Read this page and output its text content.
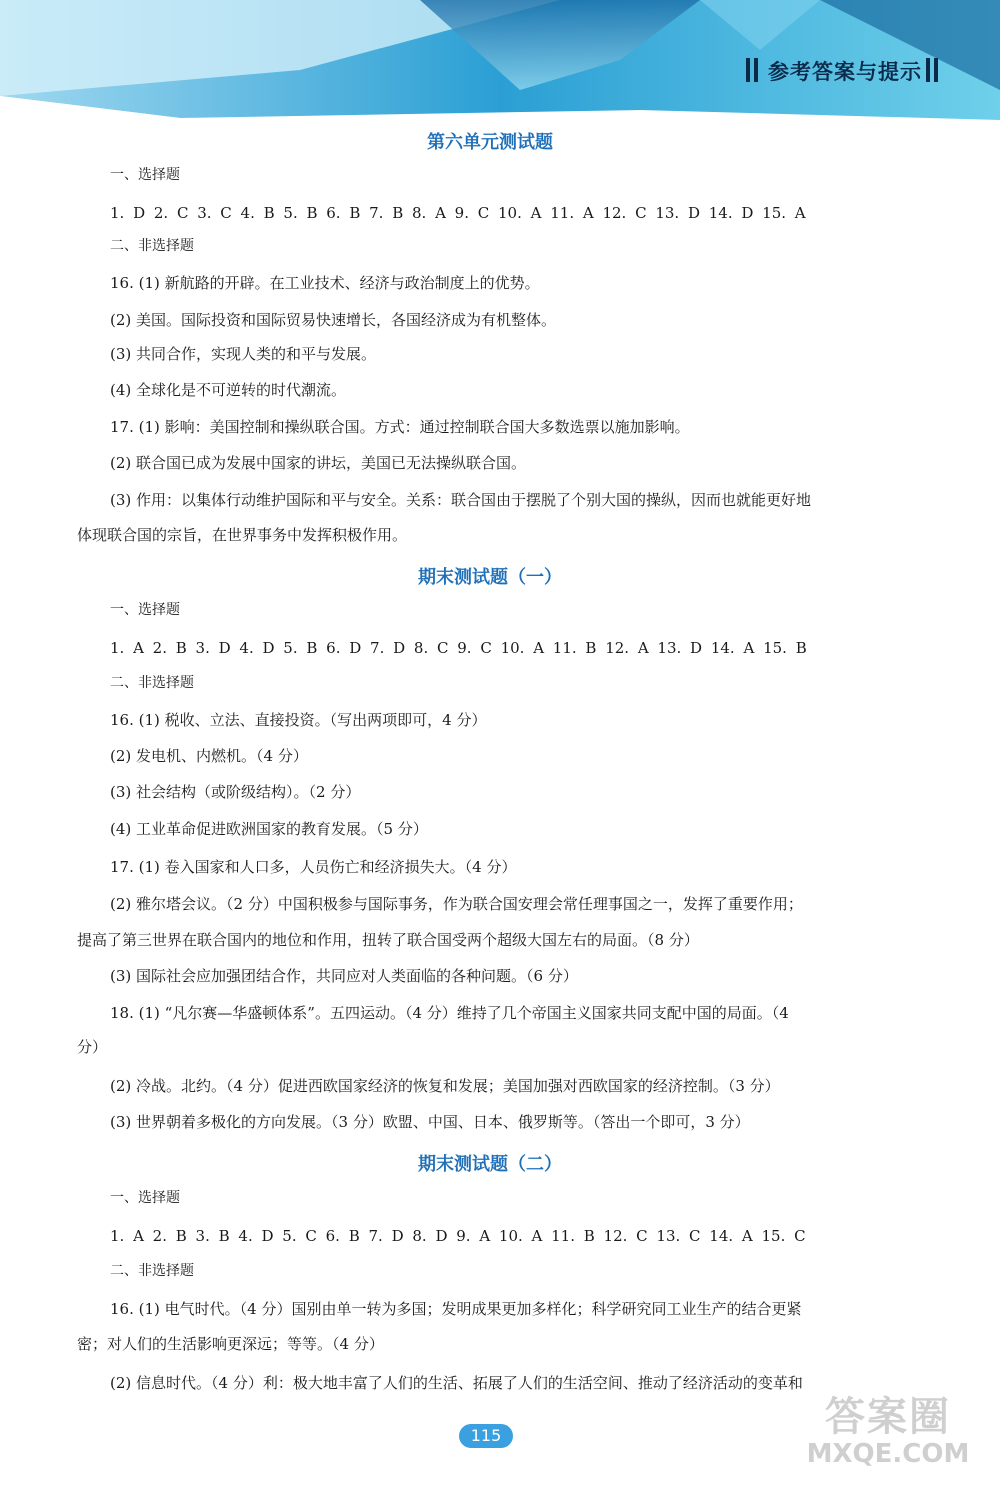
参考答案与提示
第六单元测试题
一、选择题
1. D 2. C 3. C 4. B 5. B 6. B 7. B 8. A 9. C 10. A 11. A 12. C 13. D 14. D 15. A
二、非选择题
16. (1) 新航路的开辟。在工业技术、经济与政治制度上的优势。
(2) 美国。国际投资和国际贸易快速增长，各国经济成为有机整体。
(3) 共同合作，实现人类的和平与发展。
(4) 全球化是不可逆转的时代潮流。
17. (1) 影响：美国控制和操纵联合国。方式：通过控制联合国大多数选票以施加影响。
(2) 联合国已成为发展中国家的讲坛，美国已无法操纵联合国。
(3) 作用：以集体行动维护国际和平与安全。关系：联合国由于摆脱了个别大国的操纵，因而也就能更好地
体现联合国的宗旨，在世界事务中发挥积极作用。
期末测试题（一）
一、选择题
1. A 2. B 3. D 4. D 5. B 6. D 7. D 8. C 9. C 10. A 11. B 12. A 13. D 14. A 15. B
二、非选择题
16. (1) 税收、立法、直接投资。（写出两项即可，4 分）
(2) 发电机、内燃机。（4 分）
(3) 社会结构（或阶级结构）。（2 分）
(4) 工业革命促进欧洲国家的教育发展。（5 分）
17. (1) 卷入国家和人口多，人员伤亡和经济损失大。（4 分）
(2) 雅尔塔会议。（2 分）中国积极参与国际事务，作为联合国安理会常任理事国之一，发挥了重要作用；
提高了第三世界在联合国内的地位和作用，扭转了联合国受两个超级大国左右的局面。（8 分）
(3) 国际社会应加强团结合作，共同应对人类面临的各种问题。（6 分）
18. (1) “凡尔赛—华盛顿体系”。五四运动。（4 分）维持了几个帝国主义国家共同支配中国的局面。（4
分）
(2) 冷战。北约。（4 分）促进西欧国家经济的恢复和发展；美国加强对西欧国家的经济控制。（3 分）
(3) 世界朝着多极化的方向发展。（3 分）欧盟、中国、日本、俄罗斯等。（答出一个即可，3 分）
期末测试题（二）
一、选择题
1. A 2. B 3. B 4. D 5. C 6. B 7. D 8. D 9. A 10. A 11. B 12. C 13. C 14. A 15. C
二、非选择题
16. (1) 电气时代。（4 分）国别由单一转为多国；发明成果更加多样化；科学研究同工业生产的结合更紧
密；对人们的生活影响更深远；等等。（4 分）
(2) 信息时代。（4 分）利：极大地丰富了人们的生活、拓展了人们的生活空间、推动了经济活动的变革和
115	答案圈
MXQE.COM
